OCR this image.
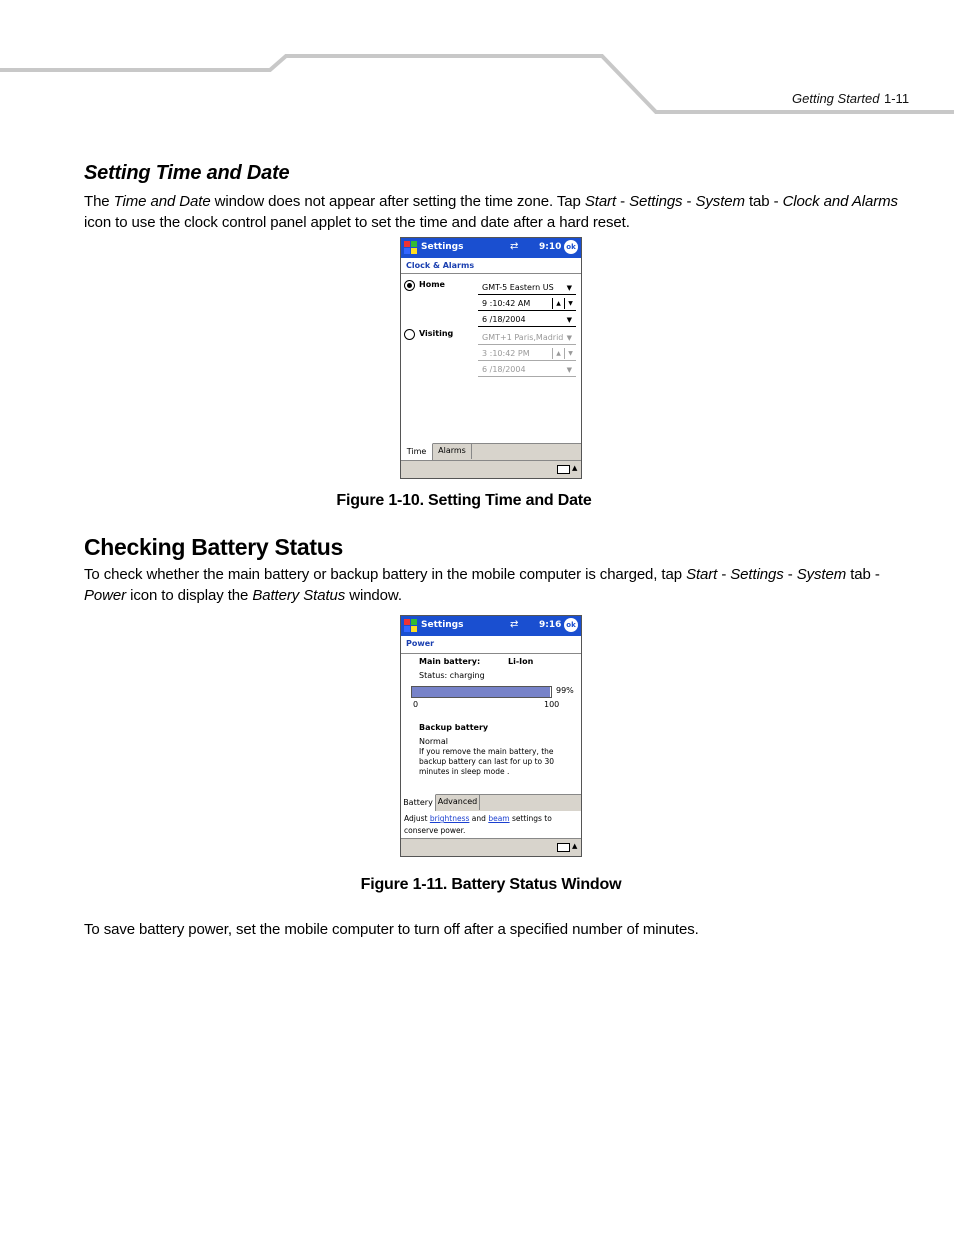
Getting Started 1-11
Setting Time and Date
The Time and Date window does not appear after setting the time zone. Tap Start - Settings - System tab - Clock and Alarms icon to use the clock control panel applet to set the time and date after a hard reset.
Settings	⇄ 9:10 ok
Clock & Alarms
Home	GMT-5 Eastern US ▼
9 :10:42 AM	▲	▼
6 /18/2004	▼
Visiting	GMT+1 Paris,Madrid ▼
3 :10:42 PM	▲	▼
6 /18/2004	▼
Time	Alarms
▲
Figure 1-10. Setting Time and Date
Checking Battery Status
To check whether the main battery or backup battery in the mobile computer is charged, tap Start - Settings - System tab - Power icon to display the Battery Status window.
Settings	⇄ 9:16 ok
Power
Main battery:	Li-Ion
Status: charging
99%
0	100
Backup battery
Normal
If you remove the main battery, the backup battery can last for up to 30 minutes in sleep mode .
Battery Advanced
Adjust brightness and beam settings to conserve power.
▲
Figure 1-11. Battery Status Window
To save battery power, set the mobile computer to turn off after a specified number of minutes.
